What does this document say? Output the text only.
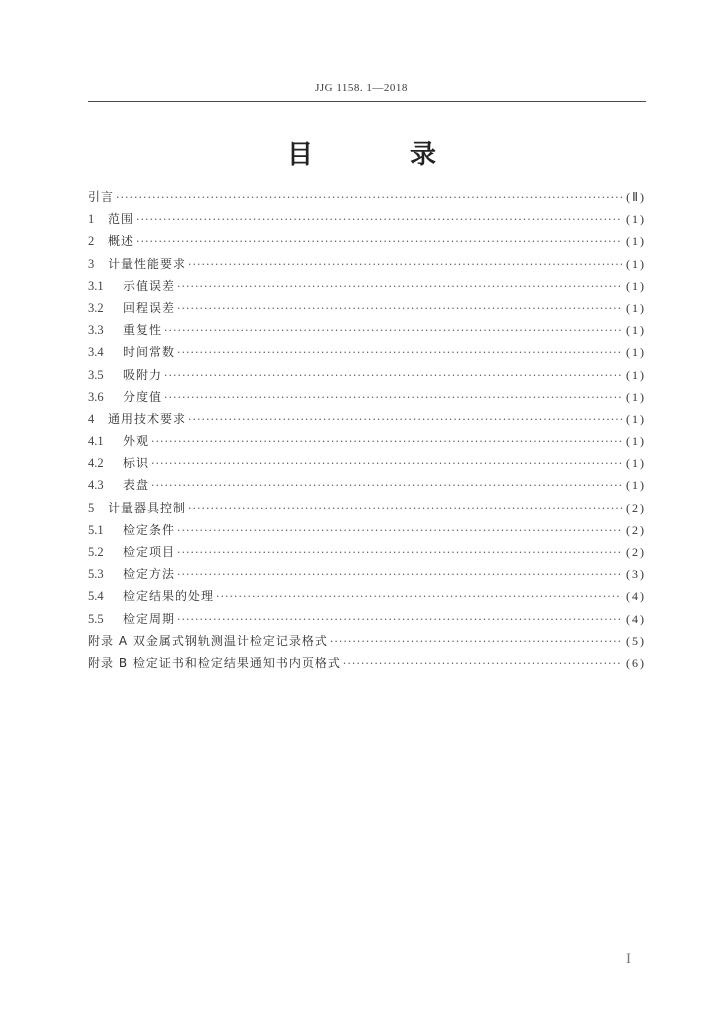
JJG 1158. 1—2018
目 录
引言 ·····	(Ⅱ)
1	范围 ·····	(1)
2	概述 ·····	(1)
3	计量性能要求 ·····	(1)
3.1	示值误差 ·····	(1)
3.2	回程误差 ·····	(1)
3.3	重复性 ·····	(1)
3.4	时间常数 ·····	(1)
3.5	吸附力 ·····	(1)
3.6	分度值 ·····	(1)
4	通用技术要求 ·····	(1)
4.1	外观 ·····	(1)
4.2	标识 ·····	(1)
4.3	表盘 ·····	(1)
5	计量器具控制 ·····	(2)
5.1	检定条件 ·····	(2)
5.2	检定项目 ·····	(2)
5.3	检定方法 ·····	(3)
5.4	检定结果的处理 ·····	(4)
5.5	检定周期 ·····	(4)
附录 A 双金属式钢轨测温计检定记录格式 ·····	(5)
附录 B 检定证书和检定结果通知书内页格式 ·····	(6)
I
